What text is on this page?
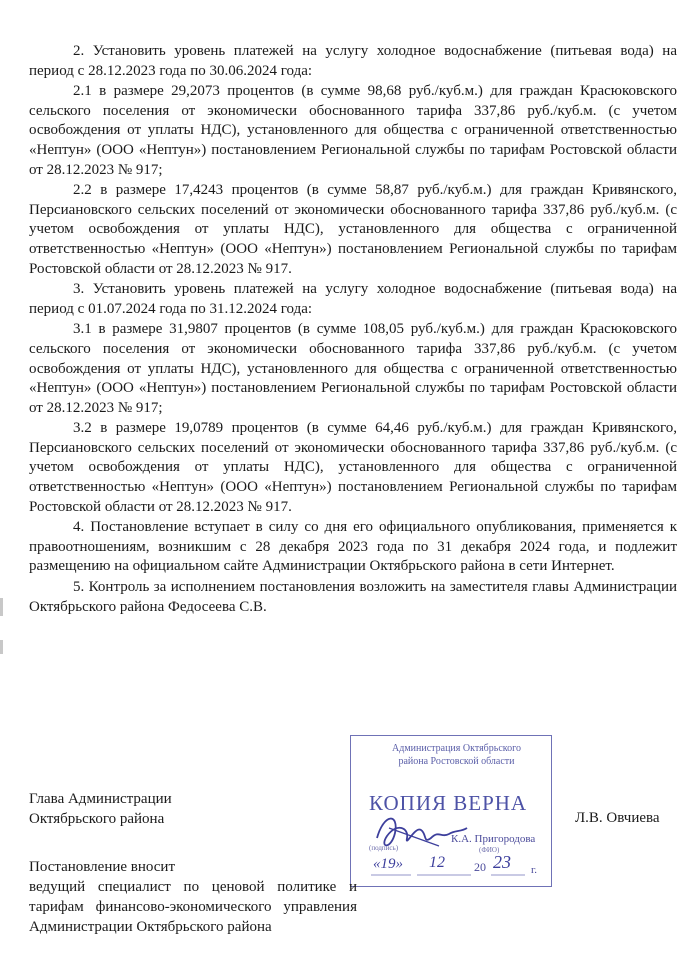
2. Установить уровень платежей на услугу холодное водоснабжение (питьевая вода) на период с 28.12.2023 года по 30.06.2024 года:

2.1 в размере 29,2073 процентов (в сумме 98,68 руб./куб.м.) для граждан Красюковского сельского поселения от экономически обоснованного тарифа 337,86 руб./куб.м. (с учетом освобождения от уплаты НДС), установленного для общества с ограниченной ответственностью «Нептун» (ООО «Нептун») постановлением Региональной службы по тарифам Ростовской области от 28.12.2023 № 917;

2.2 в размере 17,4243 процентов (в сумме 58,87 руб./куб.м.) для граждан Кривянского, Персиановского сельских поселений от экономически обоснованного тарифа 337,86 руб./куб.м. (с учетом освобождения от уплаты НДС), установленного для общества с ограниченной ответственностью «Нептун» (ООО «Нептун») постановлением Региональной службы по тарифам Ростовской области от 28.12.2023 № 917.

3. Установить уровень платежей на услугу холодное водоснабжение (питьевая вода) на период с 01.07.2024 года по 31.12.2024 года:

3.1 в размере 31,9807 процентов (в сумме 108,05 руб./куб.м.) для граждан Красюковского сельского поселения от экономически обоснованного тарифа 337,86 руб./куб.м. (с учетом освобождения от уплаты НДС), установленного для общества с ограниченной ответственностью «Нептун» (ООО «Нептун») постановлением Региональной службы по тарифам Ростовской области от 28.12.2023 № 917;

3.2 в размере 19,0789 процентов (в сумме 64,46 руб./куб.м.) для граждан Кривянского, Персиановского сельских поселений от экономически обоснованного тарифа 337,86 руб./куб.м. (с учетом освобождения от уплаты НДС), установленного для общества с ограниченной ответственностью «Нептун» (ООО «Нептун») постановлением Региональной службы по тарифам Ростовской области от 28.12.2023 № 917.

4. Постановление вступает в силу со дня его официального опубликования, применяется к правоотношениям, возникшим с 28 декабря 2023 года по 31 декабря 2024 года, и подлежит размещению на официальном сайте Администрации Октябрьского района в сети Интернет.

5. Контроль за исполнением постановления возложить на заместителя главы Администрации Октябрьского района Федосеева С.В.

Глава Администрации
Октябрьского района	Л.В. Овчиева
Администрация Октябрьского
района Ростовской области
КОПИЯ ВЕРНА
К.А. Пригородова
(подпись)	(ФИО)
«19» 12 20 23 г.
Постановление вносит
ведущий специалист по ценовой политике и тарифам финансово-экономического управления Администрации Октябрьского района
